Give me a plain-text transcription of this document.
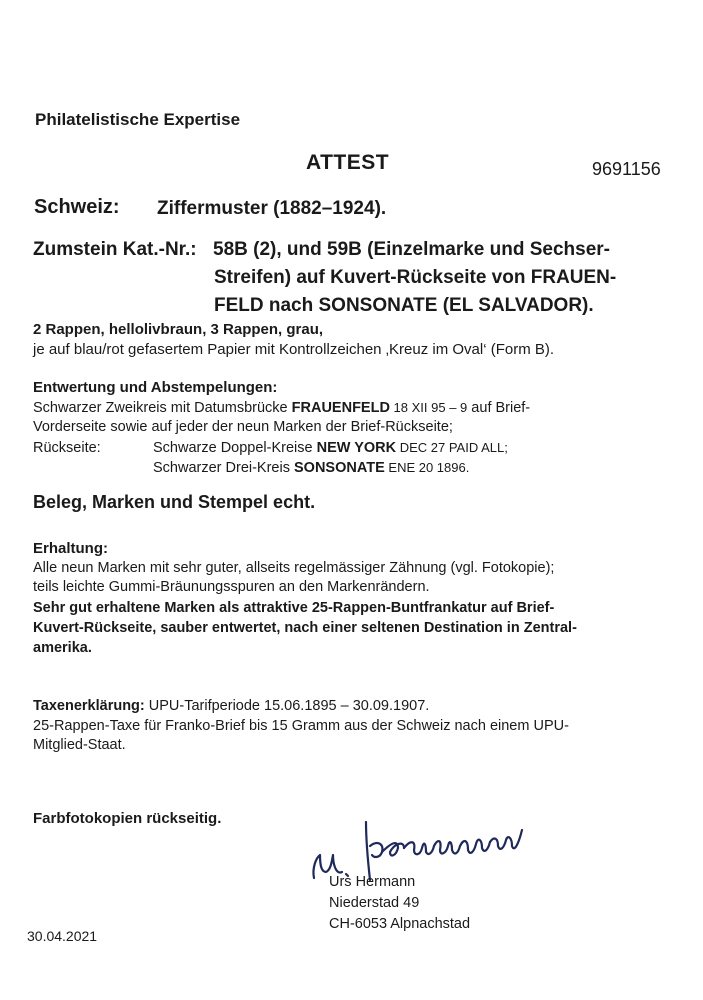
Philatelistische Expertise
ATTEST	9691156
Schweiz: Ziffermuster (1882–1924).
Zumstein Kat.-Nr.: 58B (2), und 59B (Einzelmarke und Sechser-
Streifen) auf Kuvert-Rückseite von FRAUEN-
FELD nach SONSONATE (EL SALVADOR).
2 Rappen, hellolivbraun, 3 Rappen, grau,
je auf blau/rot gefasertem Papier mit Kontrollzeichen ‚Kreuz im Oval‘ (Form B).
Entwertung und Abstempelungen:
Schwarzer Zweikreis mit Datumsbrücke FRAUENFELD 18 XII 95 – 9 auf Brief-
Vorderseite sowie auf jeder der neun Marken der Brief-Rückseite;
Rückseite:	Schwarze Doppel-Kreise NEW YORK DEC 27 PAID ALL;
Schwarzer Drei-Kreis SONSONATE ENE 20 1896.
Beleg, Marken und Stempel echt.
Erhaltung:
Alle neun Marken mit sehr guter, allseits regelmässiger Zähnung (vgl. Fotokopie);
teils leichte Gummi-Bräunungsspuren an den Markenrändern.
Sehr gut erhaltene Marken als attraktive 25-Rappen-Buntfrankatur auf Brief-
Kuvert-Rückseite, sauber entwertet, nach einer seltenen Destination in Zentral-
amerika.
Taxenerklärung: UPU-Tarifperiode 15.06.1895 – 30.09.1907.
25-Rappen-Taxe für Franko-Brief bis 15 Gramm aus der Schweiz nach einem UPU-
Mitglied-Staat.
Farbfotokopien rückseitig.
30.04.2021
Urs Hermann
Niederstad 49
CH-6053 Alpnachstad
